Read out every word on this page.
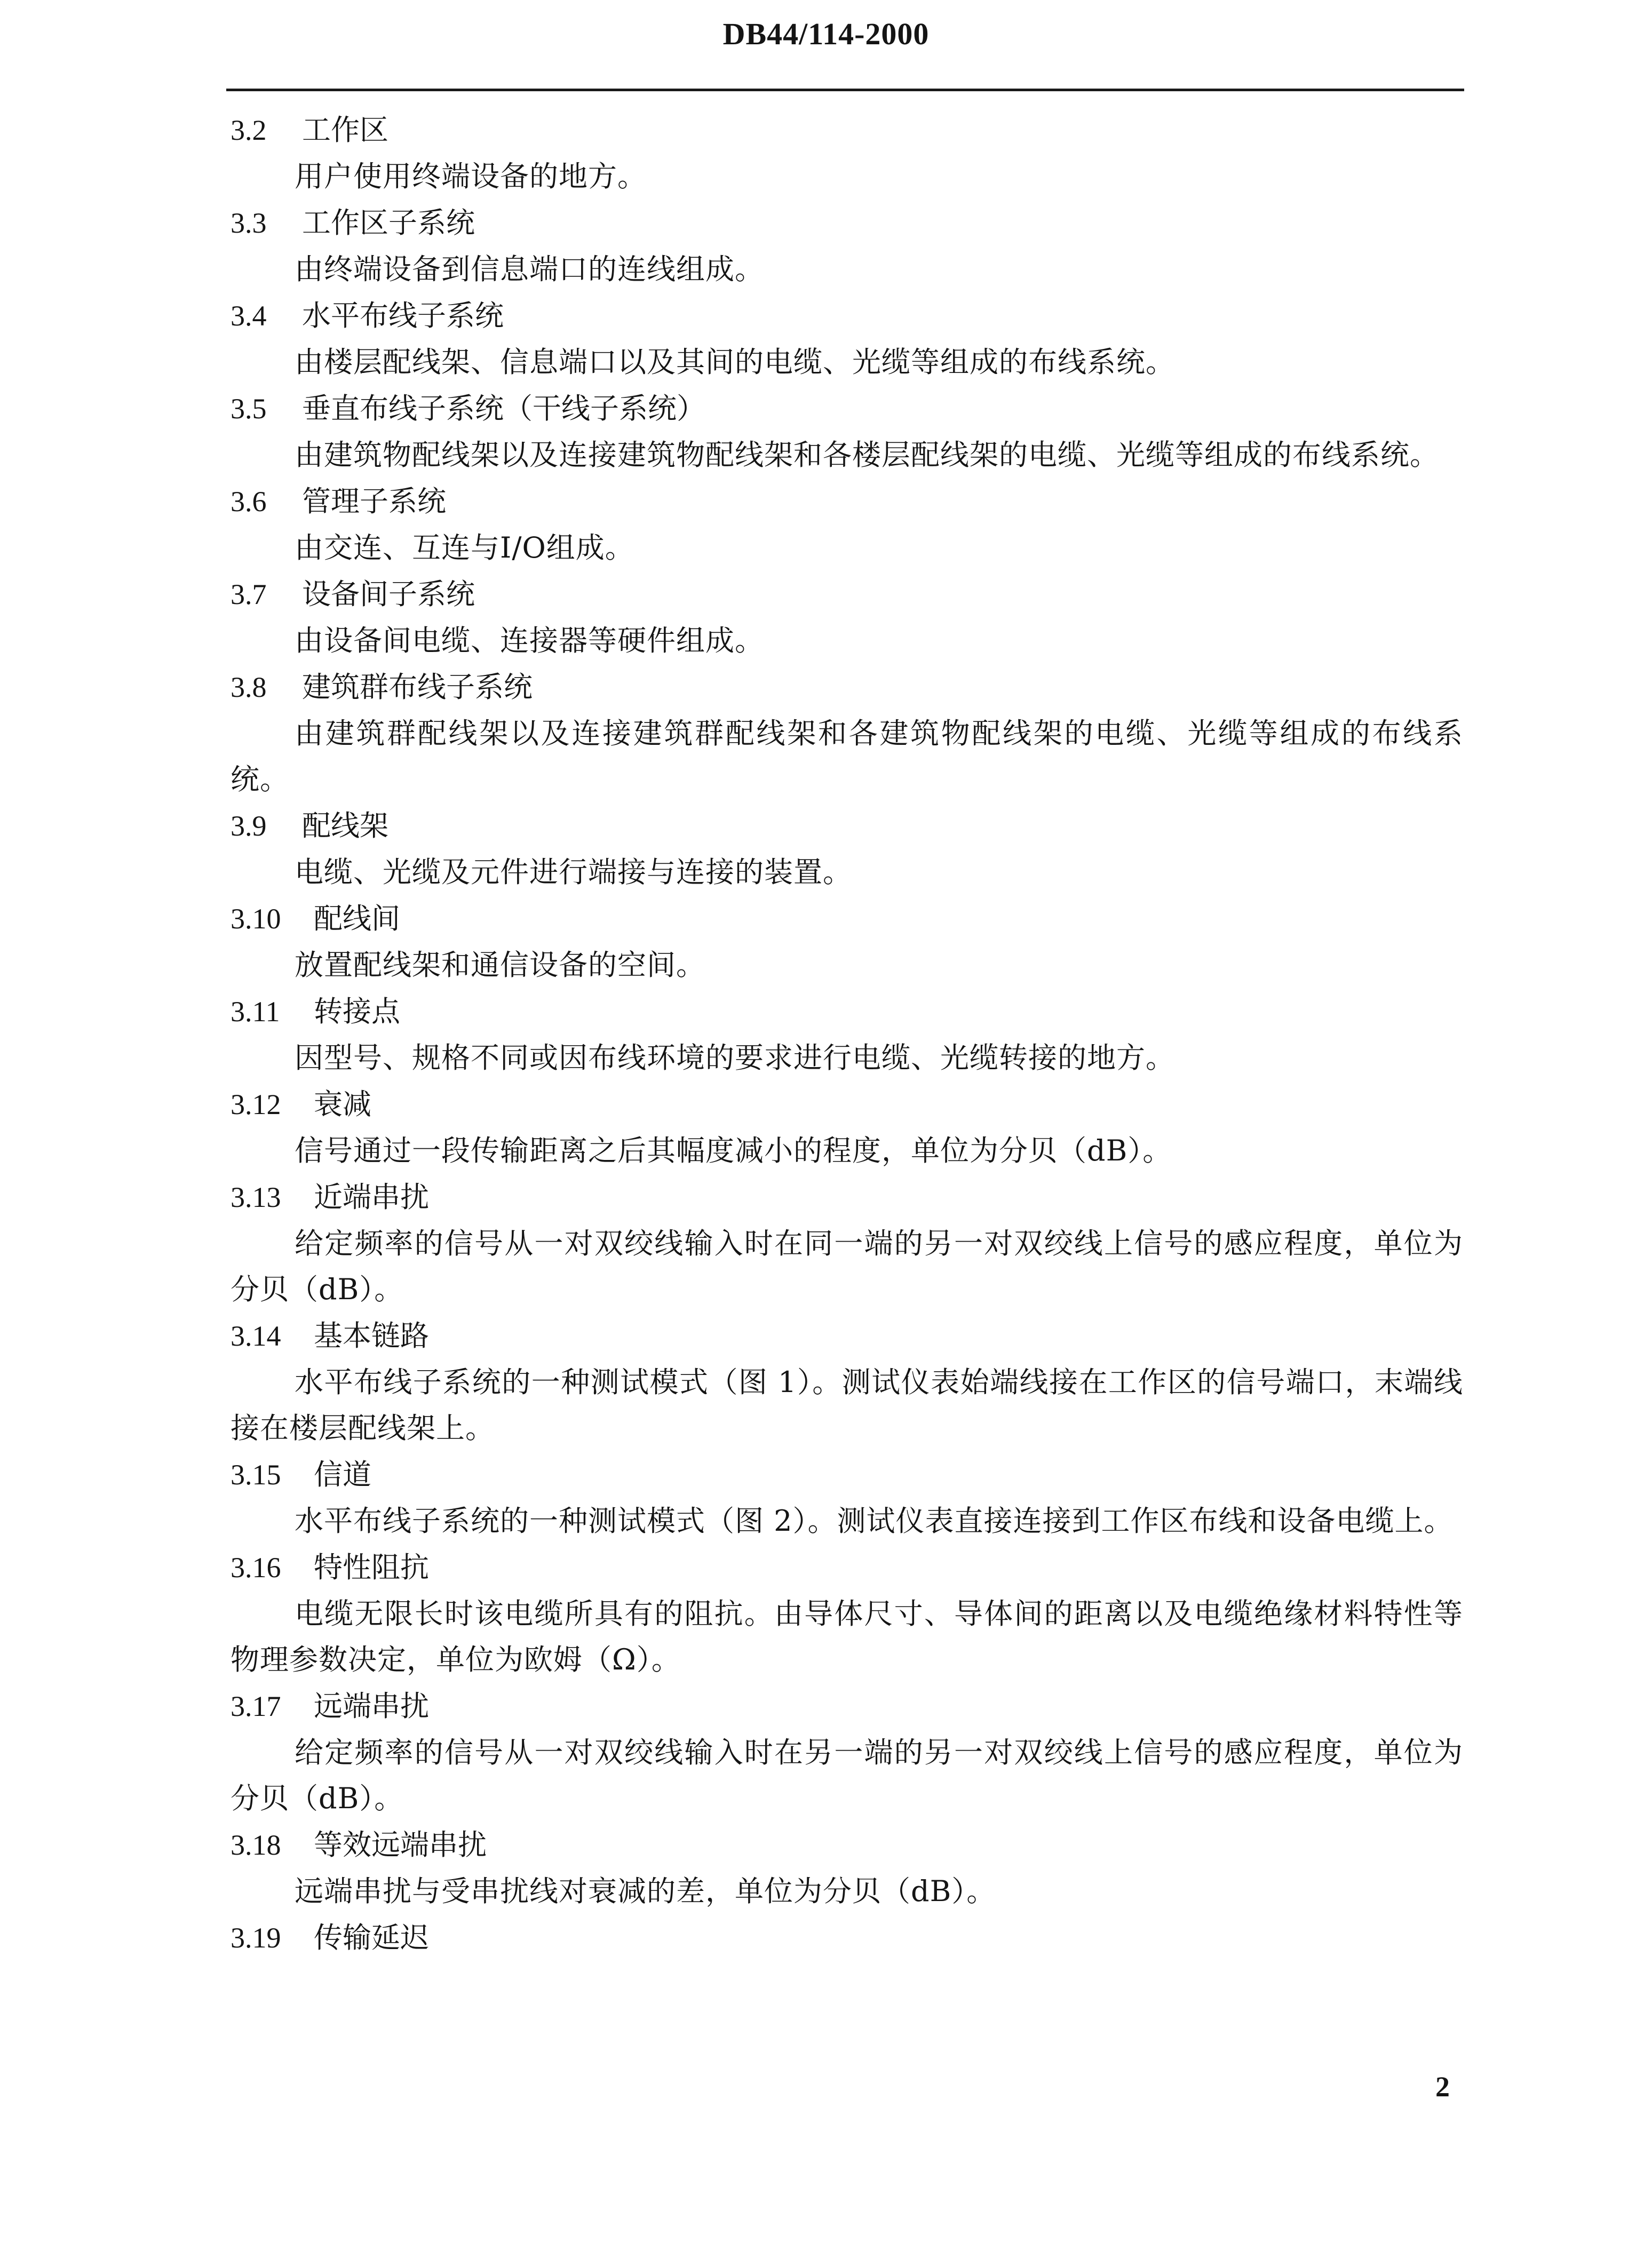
DB44/114-2000
3.2 工作区

用户使用终端设备的地方。

3.3 工作区子系统

由终端设备到信息端口的连线组成。

3.4 水平布线子系统

由楼层配线架、信息端口以及其间的电缆、光缆等组成的布线系统。

3.5 垂直布线子系统（干线子系统）

由建筑物配线架以及连接建筑物配线架和各楼层配线架的电缆、光缆等组成的布线系统。

3.6 管理子系统

由交连、互连与I/O组成。

3.7 设备间子系统

由设备间电缆、连接器等硬件组成。

3.8 建筑群布线子系统

由建筑群配线架以及连接建筑群配线架和各建筑物配线架的电缆、光缆等组成的布线系统。

3.9 配线架

电缆、光缆及元件进行端接与连接的装置。

3.10 配线间

放置配线架和通信设备的空间。

3.11 转接点

因型号、规格不同或因布线环境的要求进行电缆、光缆转接的地方。

3.12 衰减

信号通过一段传输距离之后其幅度减小的程度，单位为分贝（dB）。

3.13 近端串扰

给定频率的信号从一对双绞线输入时在同一端的另一对双绞线上信号的感应程度，单位为分贝（dB）。

3.14 基本链路

水平布线子系统的一种测试模式（图 1）。测试仪表始端线接在工作区的信号端口，末端线接在楼层配线架上。

3.15 信道

水平布线子系统的一种测试模式（图 2）。测试仪表直接连接到工作区布线和设备电缆上。

3.16 特性阻抗

电缆无限长时该电缆所具有的阻抗。由导体尺寸、导体间的距离以及电缆绝缘材料特性等物理参数决定，单位为欧姆（Ω）。

3.17 远端串扰

给定频率的信号从一对双绞线输入时在另一端的另一对双绞线上信号的感应程度，单位为分贝（dB）。

3.18 等效远端串扰

远端串扰与受串扰线对衰减的差，单位为分贝（dB）。

3.19 传输延迟
2
